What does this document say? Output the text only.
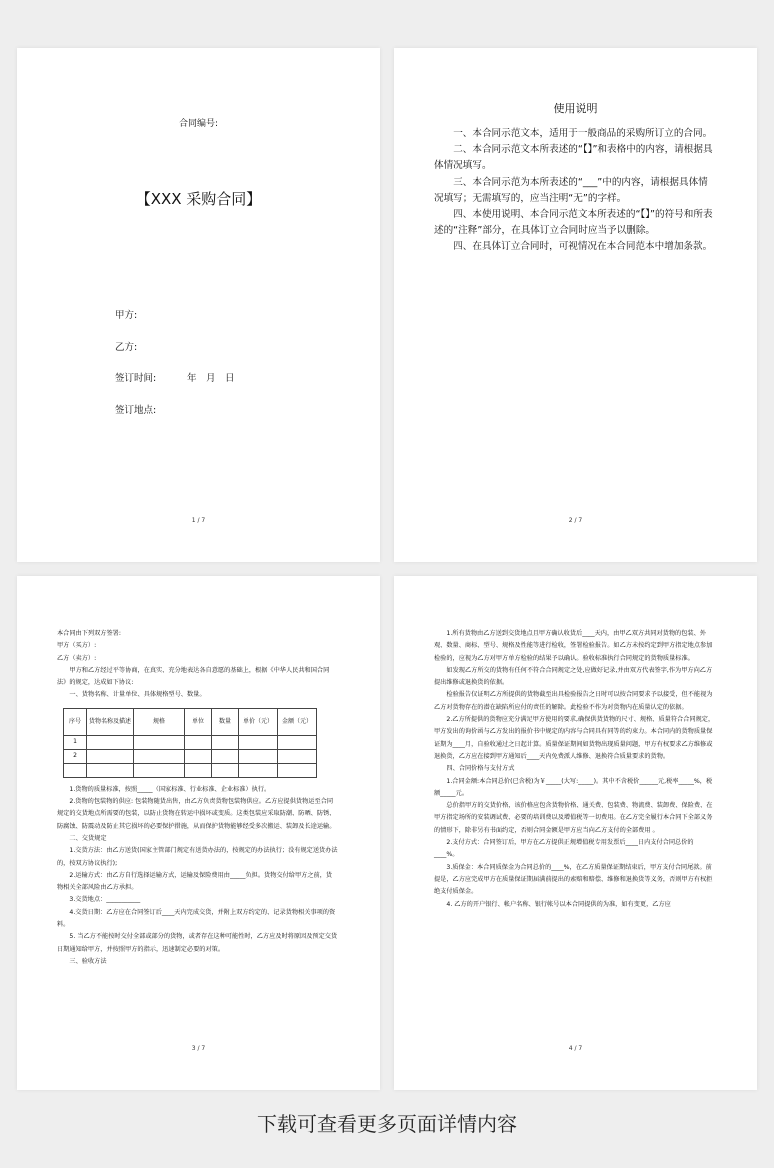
合同编号:
【XXX 采购合同】
甲方:
乙方:
签订时间:	年　月　日
签订地点:
1 / 7
使用说明

一、本合同示范文本，适用于一般商品的采购所订立的合同。

二、本合同示范文本所表述的“【】”和表格中的内容，请根据具体情况填写。

三、本合同示范为本所表述的“___”中的内容，请根据具体情况填写；无需填写的，应当注明“无”的字样。

四、本使用说明、本合同示范文本所表述的“【】”的符号和所表述的“注释”部分，在具体订立合同时应当予以删除。

四、在具体订立合同时，可视情况在本合同范本中增加条款。

2 / 7

本合同由下列双方签署:

甲方（买方）:

乙方（卖方）:

甲方和乙方经过平等协商，在真实、充分地表达各自意愿的基础上，根据《中华人民共和国合同法》的规定，达成如下协议:

一、货物名称、计量单位、具体规格型号、数量。

序号	货物名称及描述	规格	单位	数量	单价（元）	金额（元）
1						
2						

1.货物的质量标准，按照_____（国家标准、行业标准、企业标准）执行。

2.货物的包装物的供应: 包装物随货出售，由乙方负责货物包装物供应。乙方应提供货物运至合同规定的交货地点所需要的包装，以防止货物在转运中损坏或变质。这类包装应采取防潮、防晒、防锈、防腐蚀、防震动及防止其它损坏的必要保护措施，从而保护货物能够经受多次搬运、装卸及长途运输。

二、交货规定

1.交货方法：由乙方送货(国家主管部门规定有送货办法的，按规定的办法执行；没有规定送货办法的，按双方协议执行);

2.运输方式：由乙方自行选择运输方式，运输及保险费用由_____负担。货物交付给甲方之前，货物相关全部风险由乙方承担。

3.交货地点：___________

4.交货日期：乙方应在合同签订后____天内完成交货，并附上双方约定的、记录货物相关事项的资料。

5. 当乙方不能按时交付全部或部分的货物，或者存在这种可能性时，乙方应及时将原因及预定交货日期通知给甲方，并按照甲方的指示，迅速制定必要的对策。

三、验收方法

3 / 7

1.所有货物由乙方送到交货地点且甲方确认收货后____天内，由甲乙双方共同对货物的包装、外观、数量、商标、型号、规格及性能等进行检收，签署检验报告。如乙方未按约定到甲方指定地点参加检验的，应视为乙方对甲方单方检验的结果予以确认。验收标准执行合同规定的货物质量标准。

如发现乙方所交的货物有任何不符合合同规定之处,应做好记录,并由双方代表签字,作为甲方向乙方提出维修或退换货的依据。

检验报告仅证明乙方所提供的货物截至出具检验报告之日时可以按合同要求予以接受，但不能视为乙方对货物存在的潜在缺陷所应付的责任的解除。此检验不作为对货物内在质量认定的依据。

2.乙方所提供的货物应充分满足甲方使用的要求,确保供货货物的尺寸、规格、质量符合合同规定，甲方发出的询价函与乙方发出的报价书中规定的内容与合同具有同等的约束力。本合同内的货物质量保证期为____月，自验收通过之日起计算。质量保证期间如货物出现质量问题，甲方有权要求乙方维修或退换货，乙方应在接到甲方通知后____天内免费派人维修、退换符合质量要求的货物。

四、合同价格与支付方式

1.合同金额:本合同总价(已含税)为￥_____(大写:_____)。其中不含税价______元,税率_____%，税额_____元。

总价指甲方的交货价格，该价格应包含货物价格、通关费、包装费、物流费、装卸费、保险费、在甲方指定场所的安装调试费、必要的培训费以及增值税等一切费用。在乙方完全履行本合同下全部义务的情形下，除非另有书面约定，否则合同金额是甲方应当向乙方支付的全部费用 。

2.支付方式：合同签订后，甲方在乙方提供正规增值税专用发票后____日内支付合同总价的____%。

3.质保金：本合同质保金为合同总价的____%，在乙方质量保证期结束后，甲方支付合同尾款。前提是，乙方应完成甲方在质量保证期届满前提出的索赔和赔偿、维修和退换货等义务，否则甲方有权拒绝支付质保金。

4. 乙方的开户银行、帐户名称、银行帐号以本合同提供的为准，如有变更，乙方应

4 / 7
下载可查看更多页面详情内容
